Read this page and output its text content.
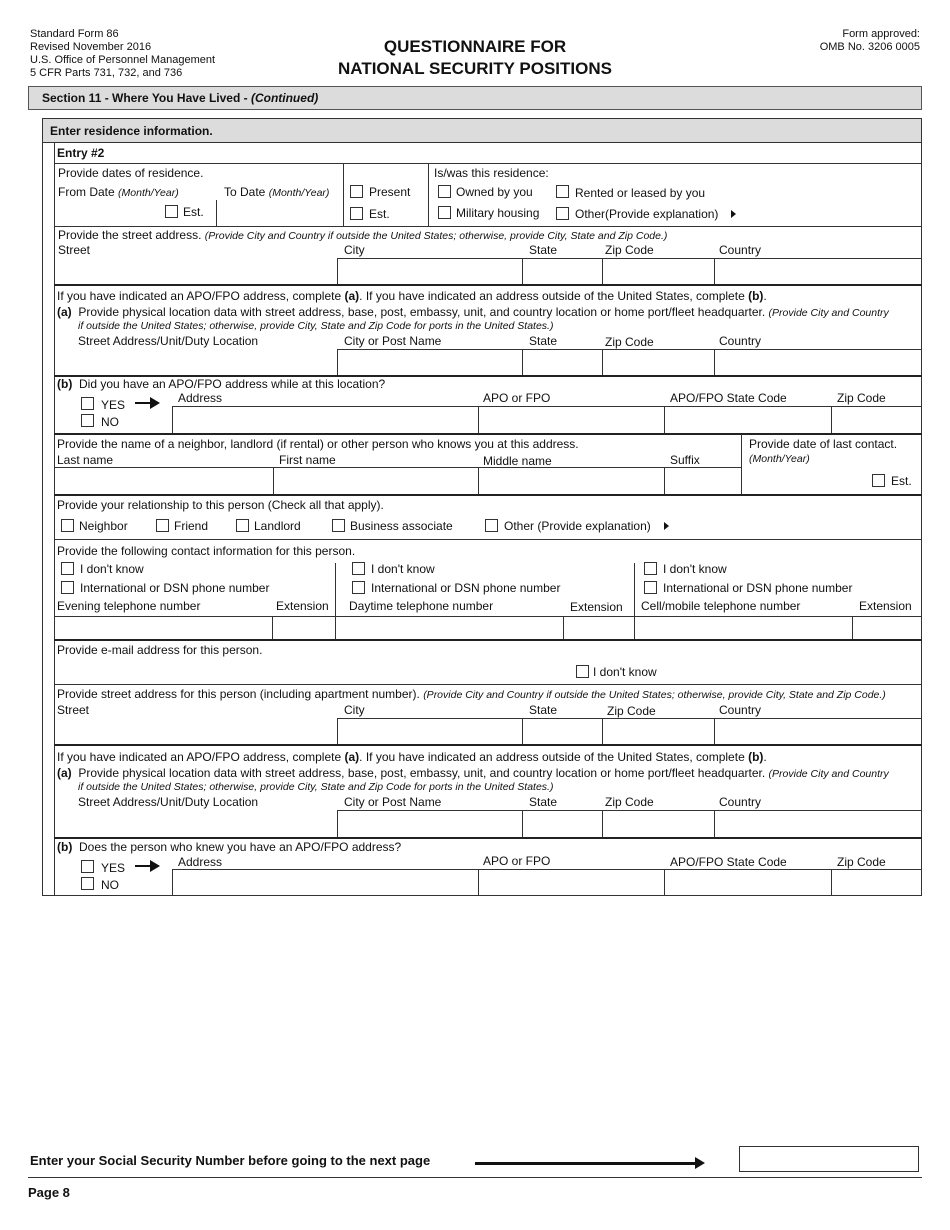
Standard Form 86
Revised November 2016
U.S. Office of Personnel Management
5 CFR Parts 731, 732, and 736
QUESTIONNAIRE FOR
NATIONAL SECURITY POSITIONS
Form approved:
OMB No. 3206 0005
Section 11 - Where You Have Lived - (Continued)
Enter residence information.
Entry #2
Provide dates of residence.
From Date (Month/Year)	To Date (Month/Year)
Est.
Present
Est.
Is/was this residence:
Owned by you	Rented or leased by you
Military housing	Other(Provide explanation)
Provide the street address. (Provide City and Country if outside the United States; otherwise, provide City, State and Zip Code.)
Street	City	State	Zip Code	Country
If you have indicated an APO/FPO address, complete (a). If you have indicated an address outside of the United States, complete (b).
(a) Provide physical location data with street address, base, post, embassy, unit, and country location or home port/fleet headquarter. (Provide City and Country
if outside the United States; otherwise, provide City, State and Zip Code for ports in the United States.)
Street Address/Unit/Duty Location	City or Post Name	State	Zip Code	Country
(b) Did you have an APO/FPO address while at this location?
YES
NO
Address	APO or FPO	APO/FPO State Code	Zip Code
Provide the name of a neighbor, landlord (if rental) or other person who knows you at this address.
Last name	First name	Middle name	Suffix
Provide date of last contact.
(Month/Year)
Est.
Provide your relationship to this person (Check all that apply).
Neighbor	Friend	Landlord	Business associate	Other (Provide explanation)
Provide the following contact information for this person.
I don't know
International or DSN phone number
Evening telephone number	Extension
I don't know
International or DSN phone number
Daytime telephone number	Extension
I don't know
International or DSN phone number
Cell/mobile telephone number	Extension
Provide e-mail address for this person.
I don't know
Provide street address for this person (including apartment number). (Provide City and Country if outside the United States; otherwise, provide City, State and Zip Code.)
Street	City	State	Zip Code	Country
If you have indicated an APO/FPO address, complete (a). If you have indicated an address outside of the United States, complete (b).
(a) Provide physical location data with street address, base, post, embassy, unit, and country location or home port/fleet headquarter. (Provide City and Country
if outside the United States; otherwise, provide City, State and Zip Code for ports in the United States.)
Street Address/Unit/Duty Location	City or Post Name	State	Zip Code	Country
(b) Does the person who knew you have an APO/FPO address?
YES
NO
Address	APO or FPO	APO/FPO State Code	Zip Code
Enter your Social Security Number before going to the next page
Page 8
